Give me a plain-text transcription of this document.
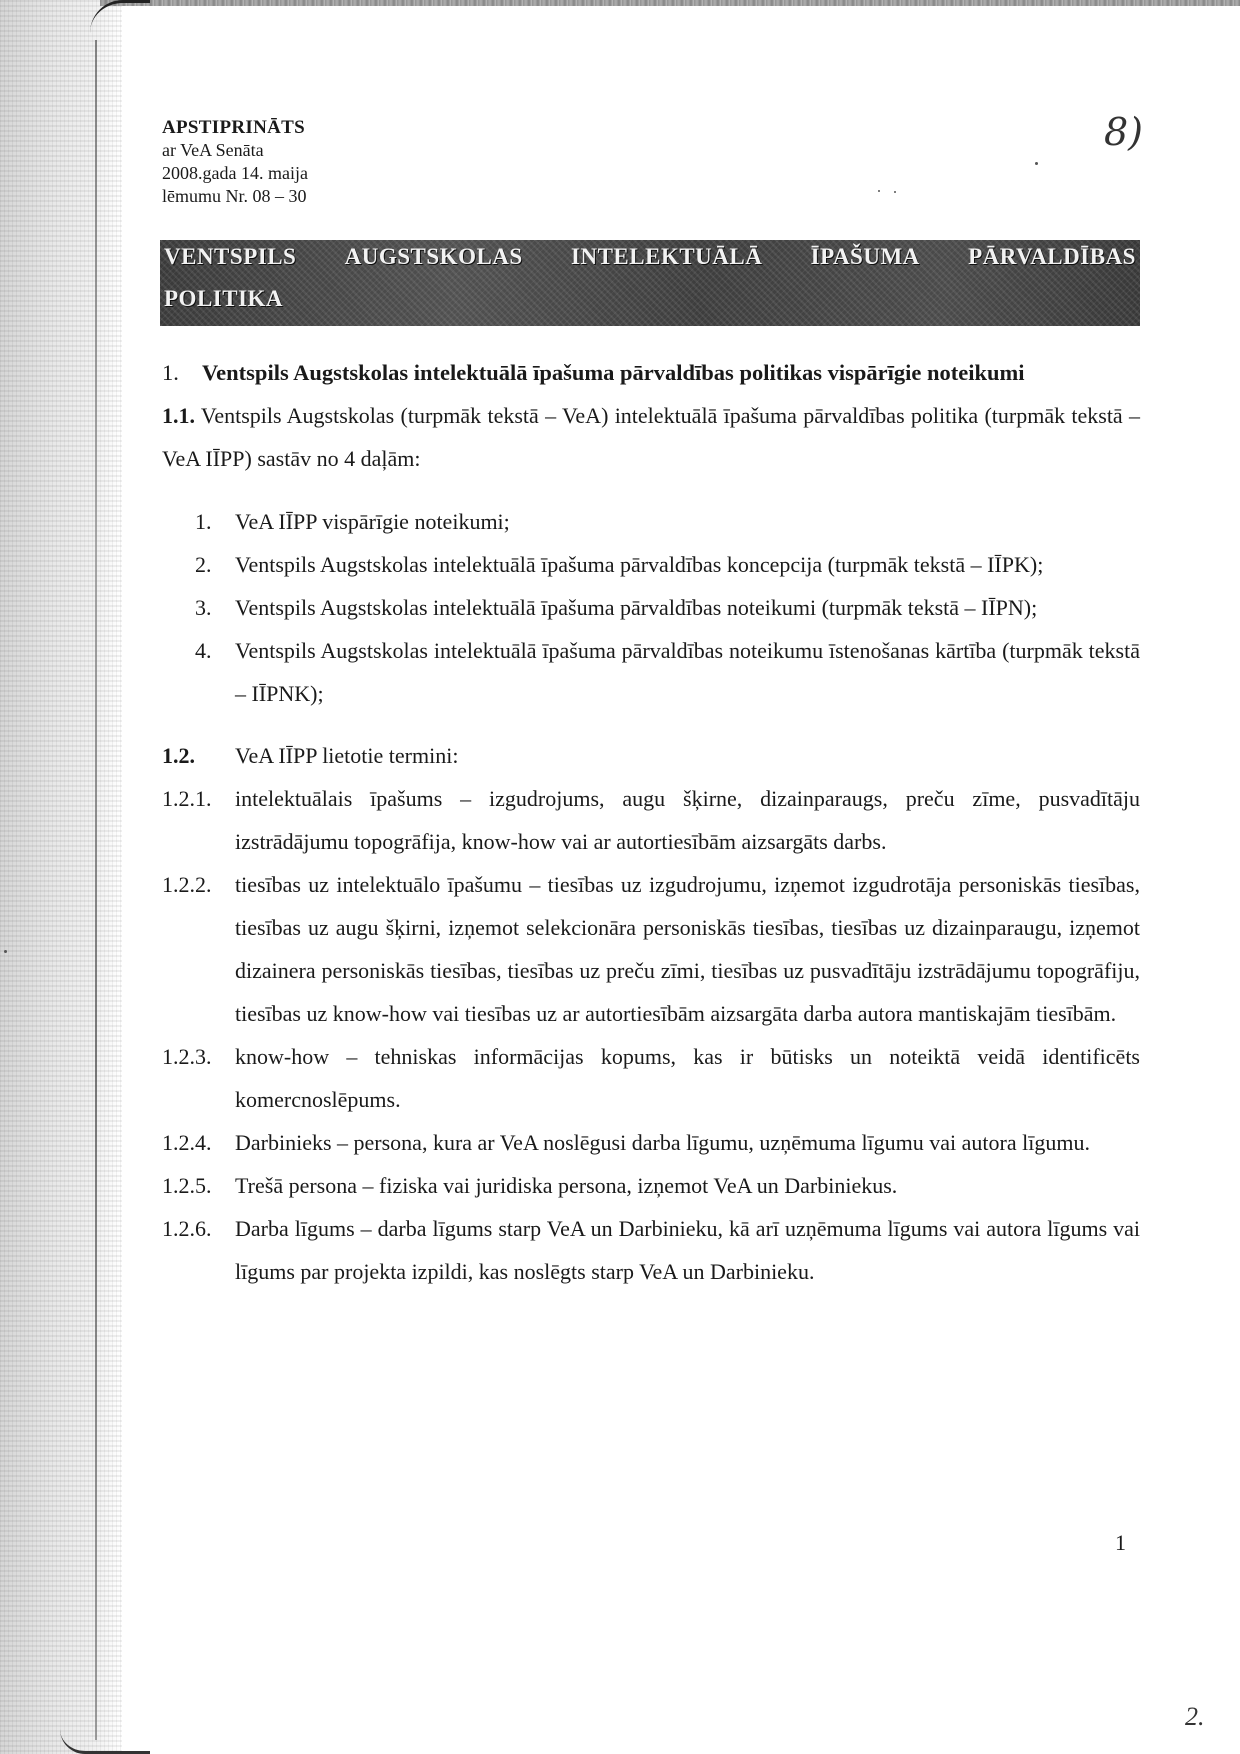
APSTIPRINĀTS
ar VeA Senāta
2008.gada 14. maija
lēmumu Nr. 08 – 30
8)
VENTSPILS AUGSTSKOLAS INTELEKTUĀLĀ ĪPAŠUMA PĀRVALDĪBAS
POLITIKA
1. Ventspils Augstskolas intelektuālā īpašuma pārvaldības politikas vispārīgie noteikumi
1.1. Ventspils Augstskolas (turpmāk tekstā – VeA) intelektuālā īpašuma pārvaldības politika (turpmāk tekstā – VeA IĪPP) sastāv no 4 daļām:
1.	VeA IĪPP vispārīgie noteikumi;
2.	Ventspils Augstskolas intelektuālā īpašuma pārvaldības koncepcija (turpmāk tekstā – IĪPK);
3.	Ventspils Augstskolas intelektuālā īpašuma pārvaldības noteikumi (turpmāk tekstā – IĪPN);
4.	Ventspils Augstskolas intelektuālā īpašuma pārvaldības noteikumu īstenošanas kārtība (turpmāk tekstā – IĪPNK);
1.2.	VeA IĪPP lietotie termini:
1.2.1.	intelektuālais īpašums – izgudrojums, augu šķirne, dizainparaugs, preču zīme, pusvadītāju izstrādājumu topogrāfija, know-how vai ar autortiesībām aizsargāts darbs.
1.2.2.	tiesības uz intelektuālo īpašumu – tiesības uz izgudrojumu, izņemot izgudrotāja personiskās tiesības, tiesības uz augu šķirni, izņemot selekcionāra personiskās tiesības, tiesības uz dizainparaugu, izņemot dizainera personiskās tiesības, tiesības uz preču zīmi, tiesības uz pusvadītāju izstrādājumu topogrāfiju, tiesības uz know-how vai tiesības uz ar autortiesībām aizsargāta darba autora mantiskajām tiesībām.
1.2.3.	know-how – tehniskas informācijas kopums, kas ir būtisks un noteiktā veidā identificēts komercnoslēpums.
1.2.4.	Darbinieks – persona, kura ar VeA noslēgusi darba līgumu, uzņēmuma līgumu vai autora līgumu.
1.2.5.	Trešā persona – fiziska vai juridiska persona, izņemot VeA un Darbiniekus.
1.2.6.	Darba līgums – darba līgums starp VeA un Darbinieku, kā arī uzņēmuma līgums vai autora līgums vai līgums par projekta izpildi, kas noslēgts starp VeA un Darbinieku.
1
2.
